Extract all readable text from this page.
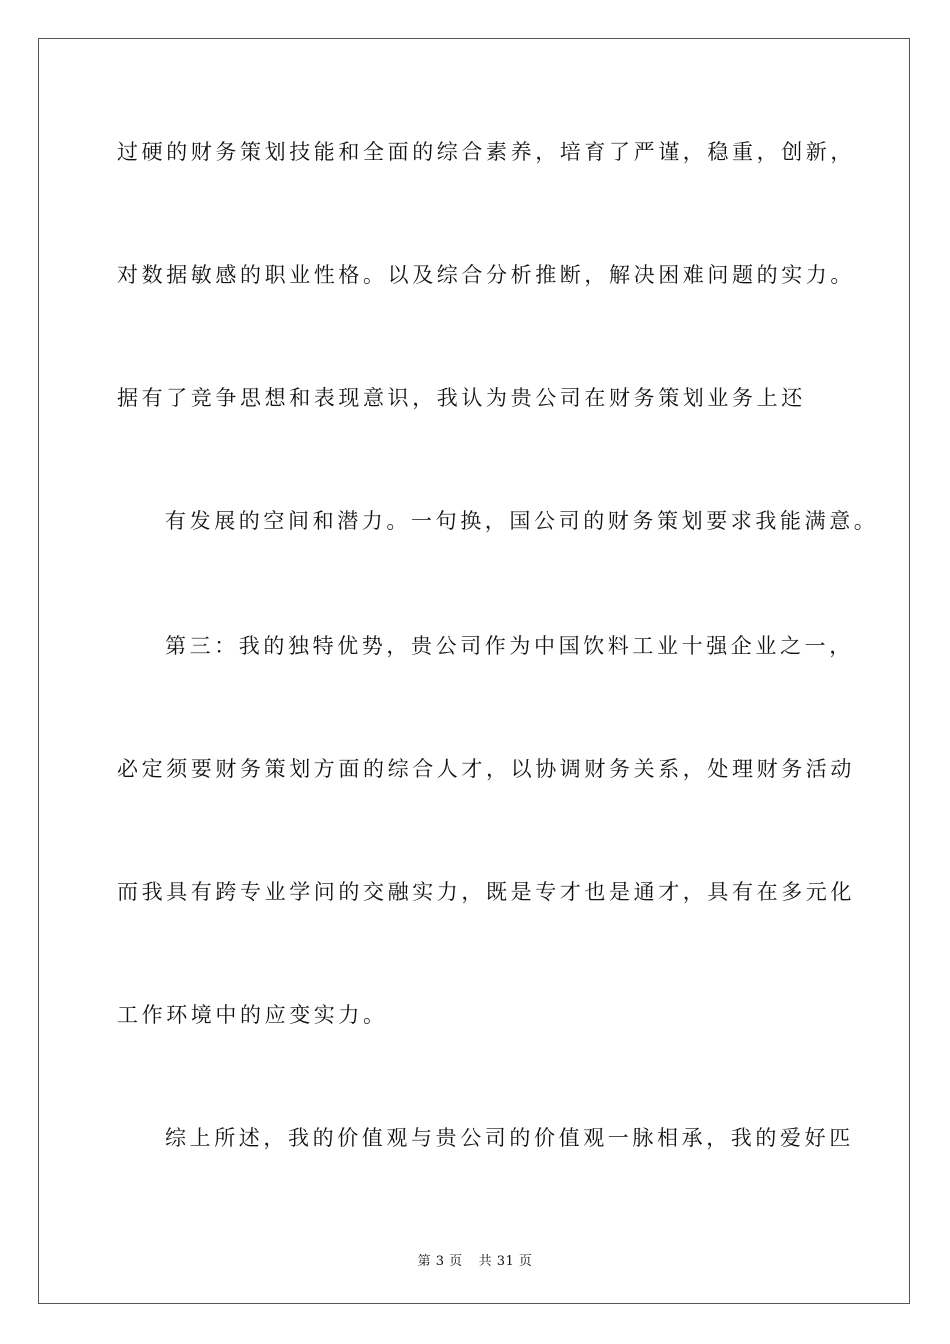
过硬的财务策划技能和全面的综合素养，培育了严谨，稳重，创新，
对数据敏感的职业性格。以及综合分析推断，解决困难问题的实力。
据有了竞争思想和表现意识，我认为贵公司在财务策划业务上还
有发展的空间和潜力。一句换，国公司的财务策划要求我能满意。
第三：我的独特优势，贵公司作为中国饮料工业十强企业之一，
必定须要财务策划方面的综合人才，以协调财务关系，处理财务活动
而我具有跨专业学问的交融实力，既是专才也是通才，具有在多元化
工作环境中的应变实力。
综上所述，我的价值观与贵公司的价值观一脉相承，我的爱好匹
第 3 页 共 31 页
